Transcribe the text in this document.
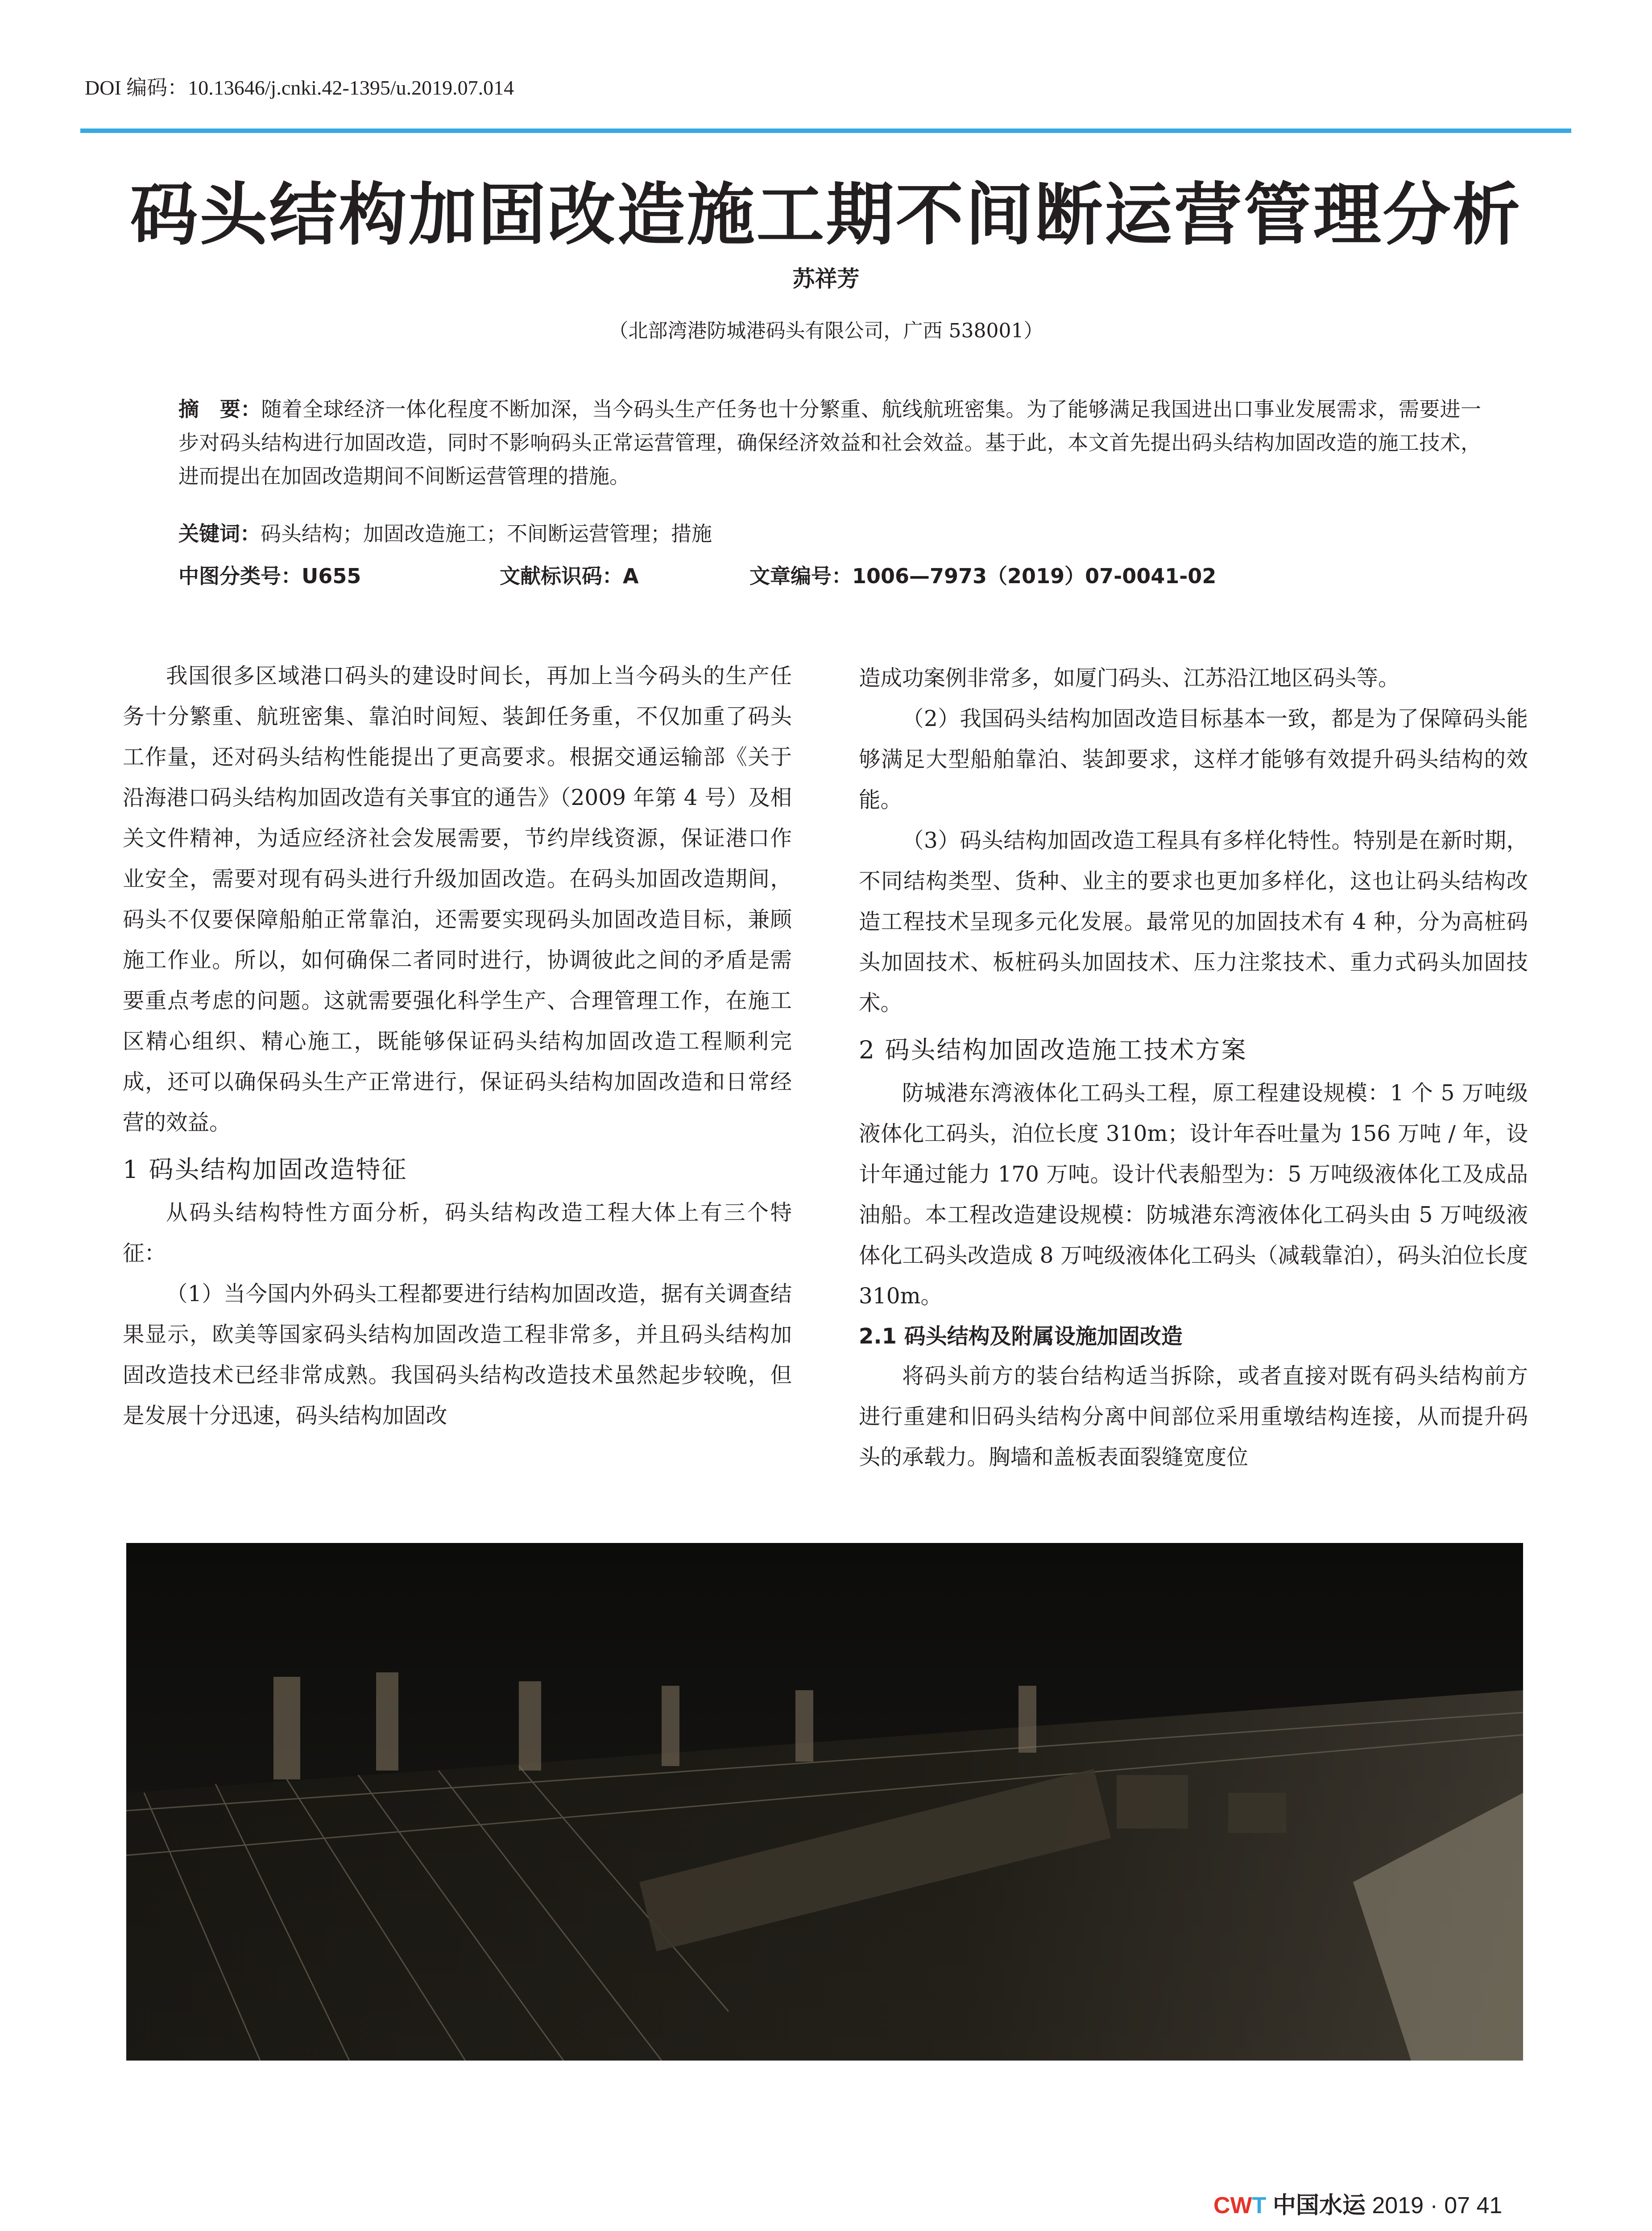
DOI 编码：10.13646/j.cnki.42-1395/u.2019.07.014
码头结构加固改造施工期不间断运营管理分析
苏祥芳
（北部湾港防城港码头有限公司，广西 538001）
摘　要：随着全球经济一体化程度不断加深，当今码头生产任务也十分繁重、航线航班密集。为了能够满足我国进出口事业发展需求，需要进一步对码头结构进行加固改造，同时不影响码头正常运营管理，确保经济效益和社会效益。基于此，本文首先提出码头结构加固改造的施工技术，进而提出在加固改造期间不间断运营管理的措施。
关键词：码头结构；加固改造施工；不间断运营管理；措施
中图分类号：U655	文献标识码：A	文章编号：1006—7973（2019）07-0041-02

我国很多区域港口码头的建设时间长，再加上当今码头的生产任务十分繁重、航班密集、靠泊时间短、装卸任务重，不仅加重了码头工作量，还对码头结构性能提出了更高要求。根据交通运输部《关于沿海港口码头结构加固改造有关事宜的通告》（2009 年第 4 号）及相关文件精神，为适应经济社会发展需要，节约岸线资源，保证港口作业安全，需要对现有码头进行升级加固改造。在码头加固改造期间，码头不仅要保障船舶正常靠泊，还需要实现码头加固改造目标，兼顾施工作业。所以，如何确保二者同时进行，协调彼此之间的矛盾是需要重点考虑的问题。这就需要强化科学生产、合理管理工作，在施工区精心组织、精心施工，既能够保证码头结构加固改造工程顺利完成，还可以确保码头生产正常进行，保证码头结构加固改造和日常经营的效益。

1 码头结构加固改造特征

从码头结构特性方面分析，码头结构改造工程大体上有三个特征：

（1）当今国内外码头工程都要进行结构加固改造，据有关调查结果显示，欧美等国家码头结构加固改造工程非常多，并且码头结构加固改造技术已经非常成熟。我国码头结构改造技术虽然起步较晚，但是发展十分迅速，码头结构加固改

造成功案例非常多，如厦门码头、江苏沿江地区码头等。

（2）我国码头结构加固改造目标基本一致，都是为了保障码头能够满足大型船舶靠泊、装卸要求，这样才能够有效提升码头结构的效能。

（3）码头结构加固改造工程具有多样化特性。特别是在新时期，不同结构类型、货种、业主的要求也更加多样化，这也让码头结构改造工程技术呈现多元化发展。最常见的加固技术有 4 种，分为高桩码头加固技术、板桩码头加固技术、压力注浆技术、重力式码头加固技术。

2 码头结构加固改造施工技术方案

防城港东湾液体化工码头工程，原工程建设规模：1 个 5 万吨级液体化工码头，泊位长度 310m；设计年吞吐量为 156 万吨 / 年，设计年通过能力 170 万吨。设计代表船型为：5 万吨级液体化工及成品油船。本工程改造建设规模：防城港东湾液体化工码头由 5 万吨级液体化工码头改造成 8 万吨级液体化工码头（减载靠泊），码头泊位长度 310m。

2.1 码头结构及附属设施加固改造

将码头前方的装台结构适当拆除，或者直接对既有码头结构前方进行重建和旧码头结构分离中间部位采用重墩结构连接，从而提升码头的承载力。胸墙和盖板表面裂缝宽度位

CWT 中国水运 2019 · 07 41
